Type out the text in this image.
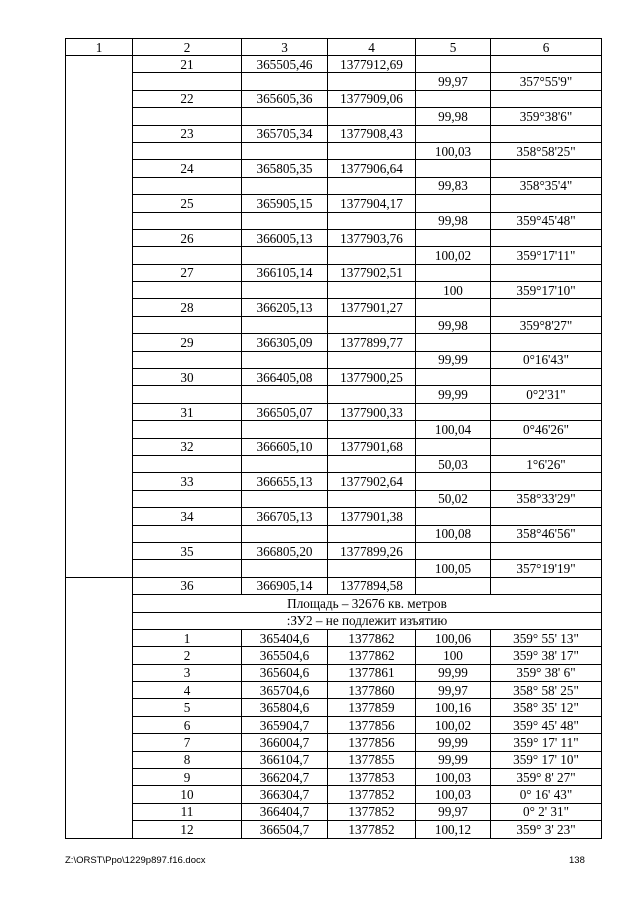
1	2	3	4	5	6
	21	365505,46	1377912,69		
				99,97	357°55'9"
	22	365605,36	1377909,06		
				99,98	359°38'6"
	23	365705,34	1377908,43		
				100,03	358°58'25"
	24	365805,35	1377906,64		
				99,83	358°35'4"
	25	365905,15	1377904,17		
				99,98	359°45'48"
	26	366005,13	1377903,76		
				100,02	359°17'11"
	27	366105,14	1377902,51		
				100	359°17'10"
	28	366205,13	1377901,27		
				99,98	359°8'27"
	29	366305,09	1377899,77		
				99,99	0°16'43"
	30	366405,08	1377900,25		
				99,99	0°2'31"
	31	366505,07	1377900,33		
				100,04	0°46'26"
	32	366605,10	1377901,68		
				50,03	1°6'26"
	33	366655,13	1377902,64		
				50,02	358°33'29"
	34	366705,13	1377901,38		
				100,08	358°46'56"
	35	366805,20	1377899,26		
				100,05	357°19'19"
	36	366905,14	1377894,58		
	Площадь – 32676 кв. метров				
	:ЗУ2 – не подлежит изъятию				
	1	365404,6	1377862	100,06	359° 55' 13"
	2	365504,6	1377862	100	359° 38' 17"
	3	365604,6	1377861	99,99	359° 38' 6"
	4	365704,6	1377860	99,97	358° 58' 25"
	5	365804,6	1377859	100,16	358° 35' 12"
	6	365904,7	1377856	100,02	359° 45' 48"
	7	366004,7	1377856	99,99	359° 17' 11"
	8	366104,7	1377855	99,99	359° 17' 10"
	9	366204,7	1377853	100,03	359° 8' 27"
	10	366304,7	1377852	100,03	0° 16' 43"
	11	366404,7	1377852	99,97	0° 2' 31"
	12	366504,7	1377852	100,12	359° 3' 23"
Z:\ORST\Ppo\1229p897.f16.docx	138
